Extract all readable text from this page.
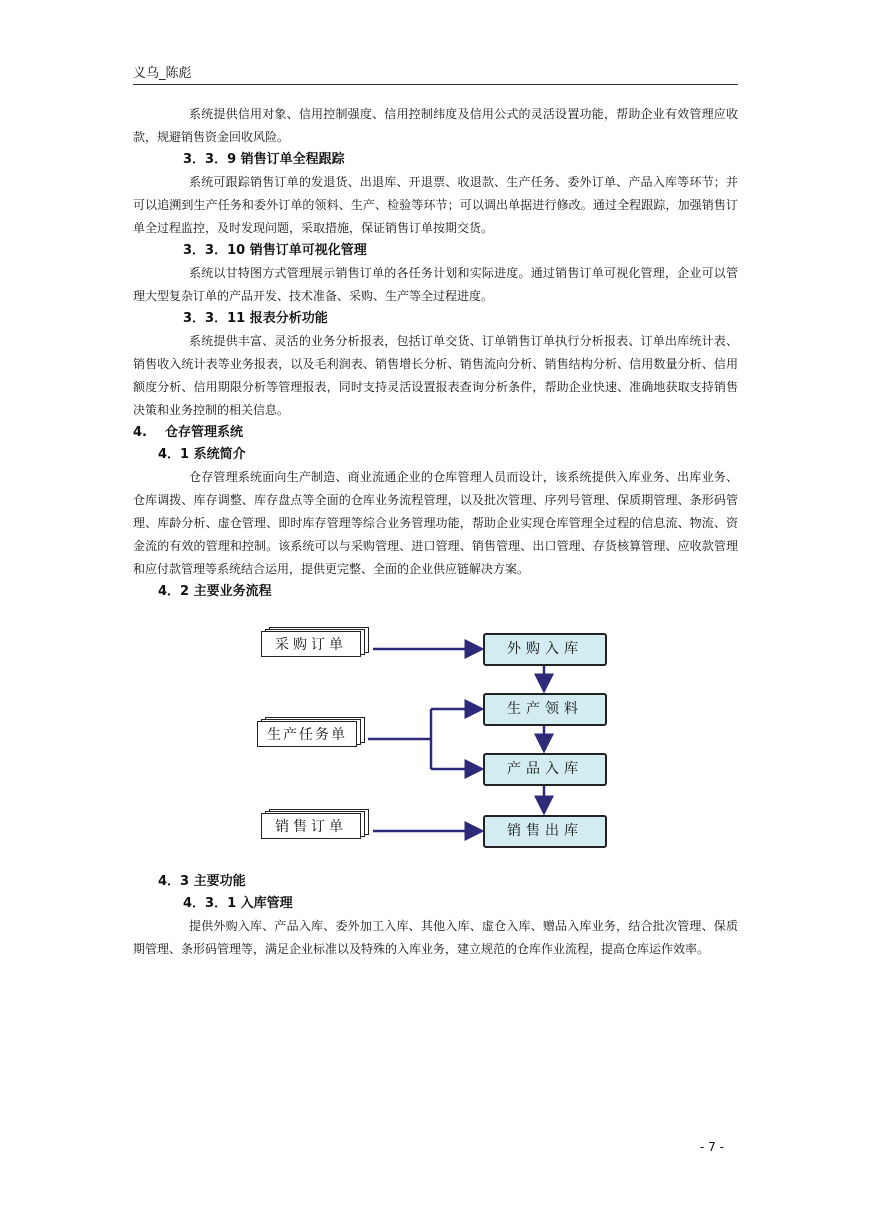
义乌_陈彪

系统提供信用对象、信用控制强度、信用控制纬度及信用公式的灵活设置功能，帮助企业有效管理应收款，规避销售资金回收风险。

3．3．9 销售订单全程跟踪

系统可跟踪销售订单的发退货、出退库、开退票、收退款、生产任务、委外订单、产品入库等环节；并可以追溯到生产任务和委外订单的领料、生产、检验等环节；可以调出单据进行修改。通过全程跟踪，加强销售订单全过程监控，及时发现问题，采取措施，保证销售订单按期交货。

3．3．10 销售订单可视化管理

系统以甘特图方式管理展示销售订单的各任务计划和实际进度。通过销售订单可视化管理，企业可以管理大型复杂订单的产品开发、技术准备、采购、生产等全过程进度。

3．3．11 报表分析功能

系统提供丰富、灵活的业务分析报表，包括订单交货、订单销售订单执行分析报表、订单出库统计表、销售收入统计表等业务报表，以及毛利润表、销售增长分析、销售流向分析、销售结构分析、信用数量分析、信用额度分析、信用期限分析等管理报表，同时支持灵活设置报表查询分析条件，帮助企业快速、准确地获取支持销售决策和业务控制的相关信息。

4. 仓存管理系统
4．1 系统简介

仓存管理系统面向生产制造、商业流通企业的仓库管理人员而设计，该系统提供入库业务、出库业务、仓库调拨、库存调整、库存盘点等全面的仓库业务流程管理，以及批次管理、序列号管理、保质期管理、条形码管理、库龄分析、虚仓管理、即时库存管理等综合业务管理功能，帮助企业实现仓库管理全过程的信息流、物流、资金流的有效的管理和控制。该系统可以与采购管理、进口管理、销售管理、出口管理、存货核算管理、应收款管理和应付款管理等系统结合运用，提供更完整、全面的企业供应链解决方案。

4．2 主要业务流程
采购订单
生产任务单
销售订单
外购入库
生产领料
产品入库
销售出库
4．3 主要功能
4．3．1 入库管理

提供外购入库、产品入库、委外加工入库、其他入库、虚仓入库、赠品入库业务，结合批次管理、保质期管理、条形码管理等，满足企业标准以及特殊的入库业务，建立规范的仓库作业流程，提高仓库运作效率。

- 7 -
